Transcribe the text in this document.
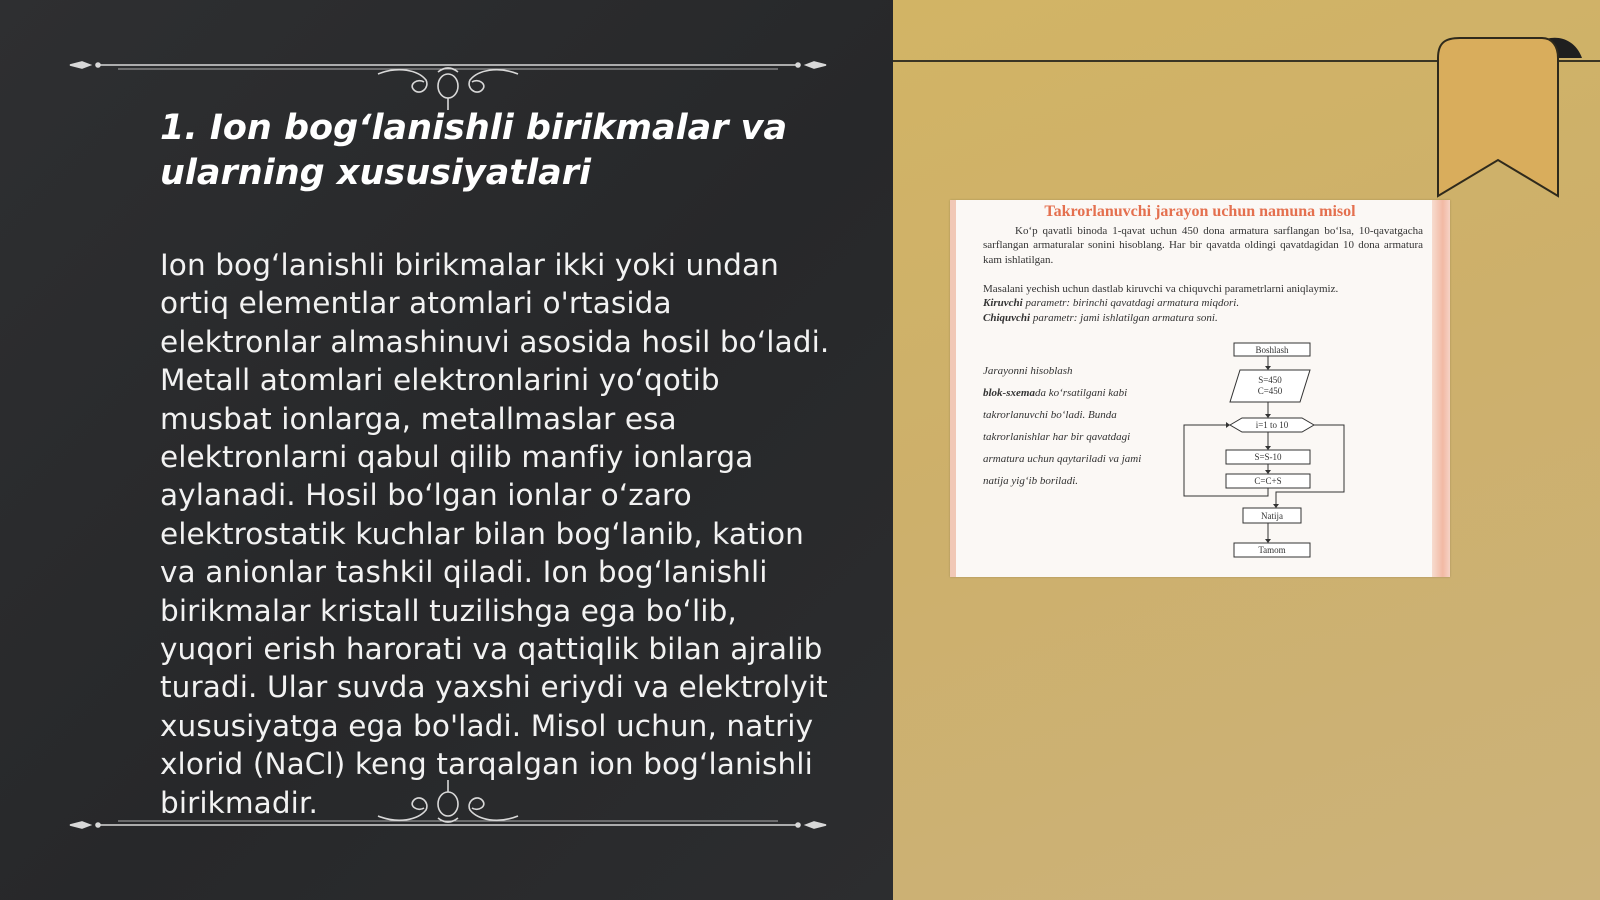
1. Ion bog‘lanishli birikmalar va
ularning xususiyatlari

Ion bog‘lanishli birikmalar ikki yoki undan ortiq elementlar atomlari o'rtasida elektronlar almashinuvi asosida hosil bo‘ladi. Metall atomlari elektronlarini yo‘qotib musbat ionlarga, metallmaslar esa elektronlarni qabul qilib manfiy ionlarga aylanadi. Hosil bo‘lgan ionlar o‘zaro elektrostatik kuchlar bilan bog‘lanib, kation va anionlar tashkil qiladi. Ion bog‘lanishli birikmalar kristall tuzilishga ega bo‘lib, yuqori erish harorati va qattiqlik bilan ajralib turadi. Ular suvda yaxshi eriydi va elektrolyit xususiyatga ega bo'ladi. Misol uchun, natriy xlorid (NaCl) keng tarqalgan ion bog‘lanishli birikmadir.

Takrorlanuvchi jarayon uchun namuna misol

Ko‘p qavatli binoda 1-qavat uchun 450 dona armatura sarflangan bo‘lsa, 10-qavatgacha sarflangan armaturalar sonini hisoblang. Har bir qavatda oldingi qavatdagidan 10 dona armatura kam ishlatilgan.

Masalani yechish uchun dastlab kiruvchi va chiquvchi parametrlarni aniqlaymiz.
Kiruvchi parametr: birinchi qavatdagi armatura miqdori.
Chiquvchi parametr: jami ishlatilgan armatura soni.

Jarayonni hisoblash
blok-sxemada ko‘rsatilgani kabi takrorlanuvchi bo‘ladi. Bunda takrorlanishlar har bir qavatdagi armatura uchun qaytariladi va jami natija yig‘ib boriladi.

Boshlash
S=450
C=450
i=1 to 10
S=S-10
C=C+S
Natija
Tamom
